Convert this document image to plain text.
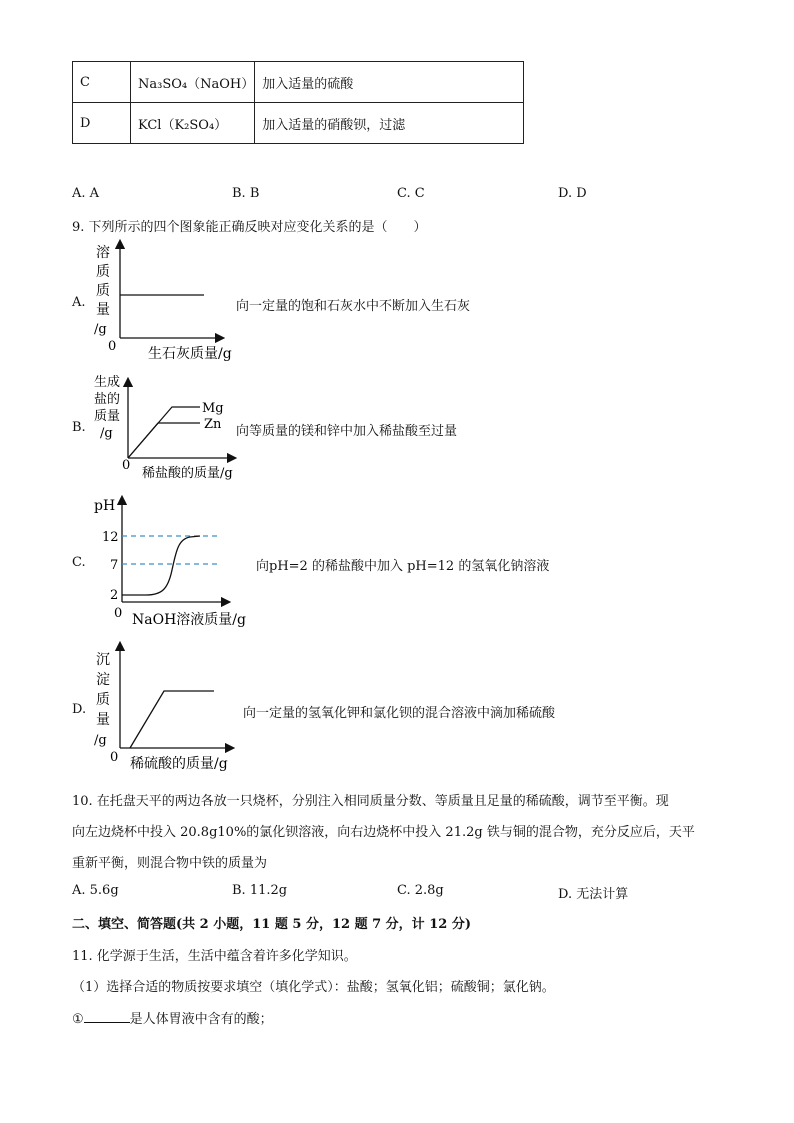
C	Na₃SO₄（NaOH）	加入适量的硫酸
D	KCl（K₂SO₄）	加入适量的硝酸钡，过滤
A. A	B. B	C. C	D. D
9. 下列所示的四个图象能正确反映对应变化关系的是（　　）
A.
溶
质
质
量
/g
0 生石灰质量/g
向一定量的饱和石灰水中不断加入生石灰
B.
Mg
Zn
生成
盐的
质量
/g
0
稀盐酸的质量/g
向等质量的镁和锌中加入稀盐酸至过量
C.
pH
12
7
2
0 NaOH溶液质量/g
向pH=2 的稀盐酸中加入 pH=12 的氢氧化钠溶液
D.
沉
淀
质
量
/g
0 稀硫酸的质量/g
向一定量的氢氧化钾和氯化钡的混合溶液中滴加稀硫酸
10. 在托盘天平的两边各放一只烧杯，分别注入相同质量分数、等质量且足量的稀硫酸，调节至平衡。现
向左边烧杯中投入 20.8g10%的氯化钡溶液，向右边烧杯中投入 21.2g 铁与铜的混合物，充分反应后，天平
重新平衡，则混合物中铁的质量为
A. 5.6g	B. 11.2g	C. 2.8g	D. 无法计算
二、填空、简答题(共 2 小题，11 题 5 分，12 题 7 分，计 12 分)
11. 化学源于生活，生活中蕴含着许多化学知识。
（1）选择合适的物质按要求填空（填化学式）：盐酸；氢氧化铝；硫酸铜；氯化钠。
①	是人体胃液中含有的酸；
